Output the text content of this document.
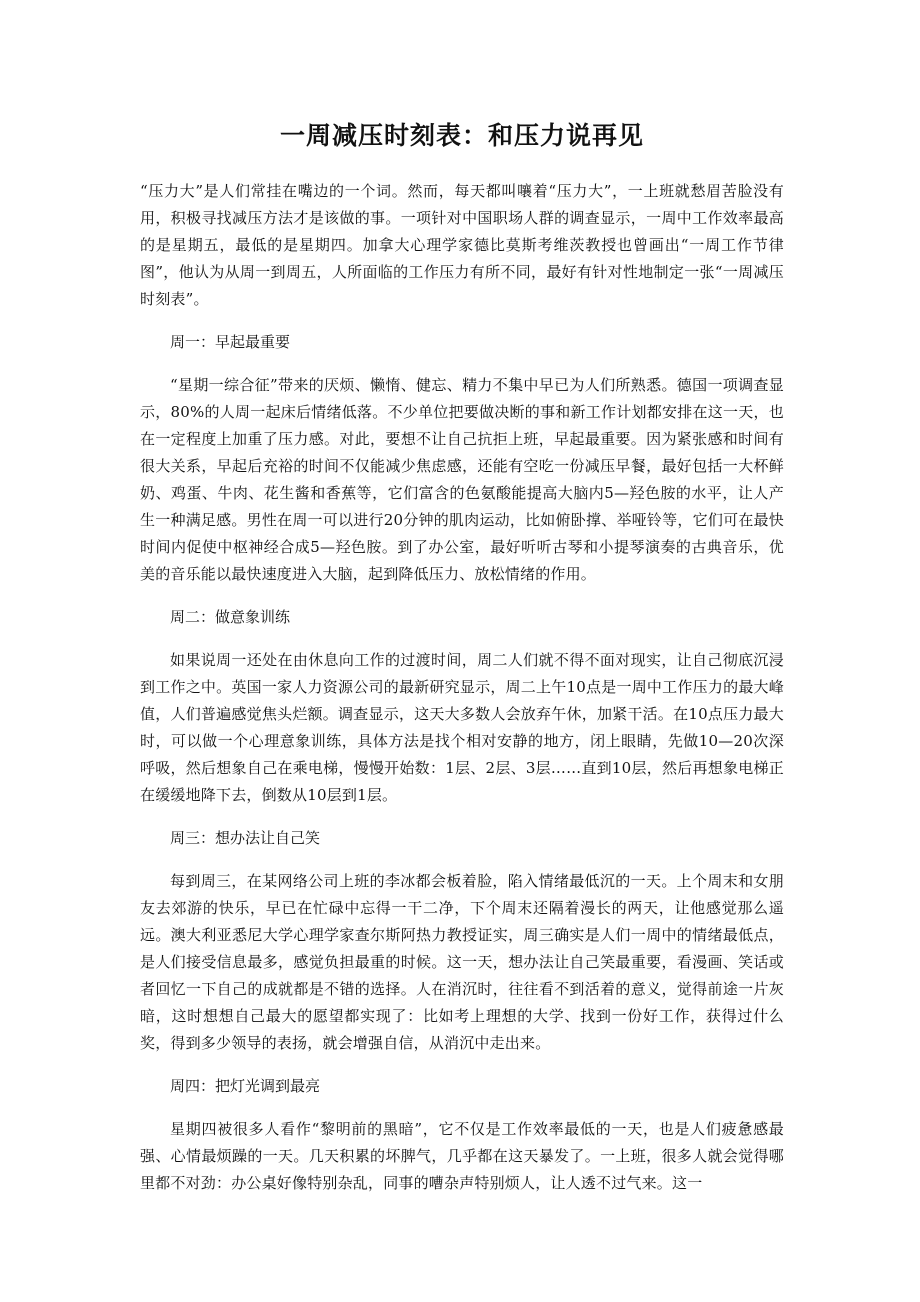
一周减压时刻表：和压力说再见

“压力大”是人们常挂在嘴边的一个词。然而，每天都叫嚷着“压力大”，一上班就愁眉苦脸没有用，积极寻找减压方法才是该做的事。一项针对中国职场人群的调查显示，一周中工作效率最高的是星期五，最低的是星期四。加拿大心理学家德比莫斯考维茨教授也曾画出“一周工作节律图”，他认为从周一到周五，人所面临的工作压力有所不同，最好有针对性地制定一张“一周减压时刻表”。

周一：早起最重要

“星期一综合征”带来的厌烦、懒惰、健忘、精力不集中早已为人们所熟悉。德国一项调查显示，80%的人周一起床后情绪低落。不少单位把要做决断的事和新工作计划都安排在这一天，也在一定程度上加重了压力感。对此，要想不让自己抗拒上班，早起最重要。因为紧张感和时间有很大关系，早起后充裕的时间不仅能减少焦虑感，还能有空吃一份减压早餐，最好包括一大杯鲜奶、鸡蛋、牛肉、花生酱和香蕉等，它们富含的色氨酸能提高大脑内5—羟色胺的水平，让人产生一种满足感。男性在周一可以进行20分钟的肌肉运动，比如俯卧撑、举哑铃等，它们可在最快时间内促使中枢神经合成5—羟色胺。到了办公室，最好听听古琴和小提琴演奏的古典音乐，优美的音乐能以最快速度进入大脑，起到降低压力、放松情绪的作用。

周二：做意象训练

如果说周一还处在由休息向工作的过渡时间，周二人们就不得不面对现实，让自己彻底沉浸到工作之中。英国一家人力资源公司的最新研究显示，周二上午10点是一周中工作压力的最大峰值，人们普遍感觉焦头烂额。调查显示，这天大多数人会放弃午休，加紧干活。在10点压力最大时，可以做一个心理意象训练，具体方法是找个相对安静的地方，闭上眼睛，先做10—20次深呼吸，然后想象自己在乘电梯，慢慢开始数：1层、2层、3层……直到10层，然后再想象电梯正在缓缓地降下去，倒数从10层到1层。

周三：想办法让自己笑

每到周三，在某网络公司上班的李冰都会板着脸，陷入情绪最低沉的一天。上个周末和女朋友去郊游的快乐，早已在忙碌中忘得一干二净，下个周末还隔着漫长的两天，让他感觉那么遥远。澳大利亚悉尼大学心理学家查尔斯阿热力教授证实，周三确实是人们一周中的情绪最低点，是人们接受信息最多，感觉负担最重的时候。这一天，想办法让自己笑最重要，看漫画、笑话或者回忆一下自己的成就都是不错的选择。人在消沉时，往往看不到活着的意义，觉得前途一片灰暗，这时想想自己最大的愿望都实现了：比如考上理想的大学、找到一份好工作，获得过什么奖，得到多少领导的表扬，就会增强自信，从消沉中走出来。

周四：把灯光调到最亮

星期四被很多人看作“黎明前的黑暗”，它不仅是工作效率最低的一天，也是人们疲惫感最强、心情最烦躁的一天。几天积累的坏脾气，几乎都在这天暴发了。一上班，很多人就会觉得哪里都不对劲：办公桌好像特别杂乱，同事的嘈杂声特别烦人，让人透不过气来。这一
